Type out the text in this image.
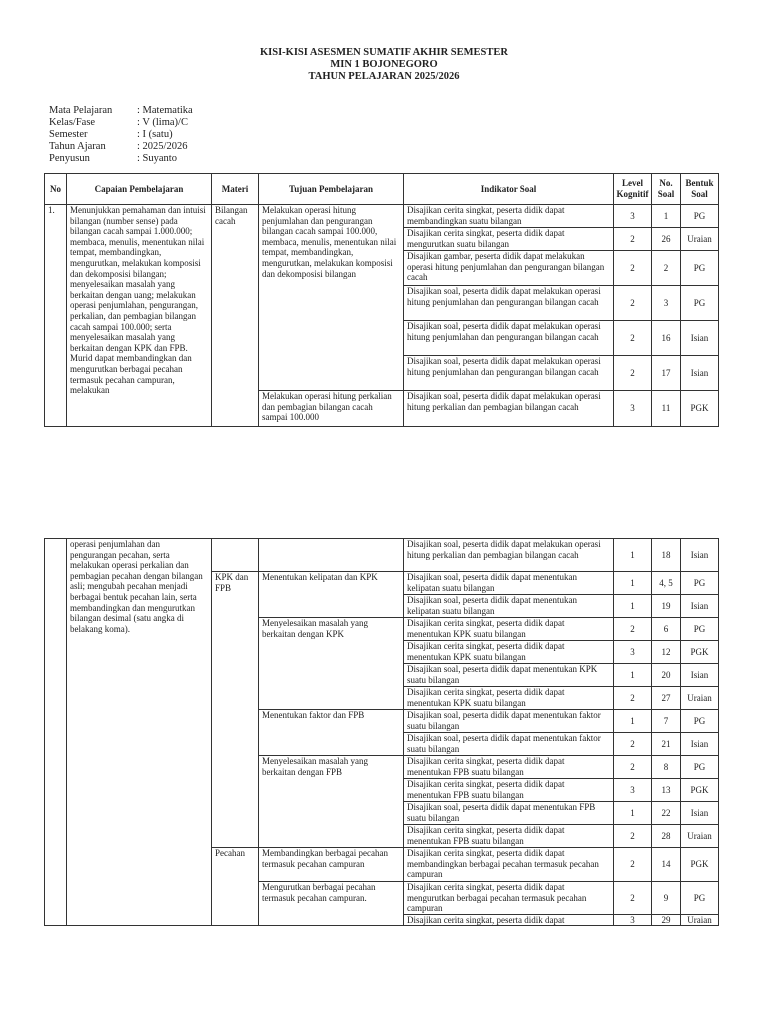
KISI-KISI ASESMEN SUMATIF AKHIR SEMESTER
MIN 1 BOJONEGORO
TAHUN PELAJARAN 2025/2026
Mata Pelajaran	: Matematika
Kelas/Fase	: V (lima)/C
Semester	: I (satu)
Tahun Ajaran	: 2025/2026
Penyusun	: Suyanto
No	Capaian Pembelajaran	Materi	Tujuan Pembelajaran	Indikator Soal	Level Kognitif	No. Soal	Bentuk Soal
1.	Menunjukkan pemahaman dan intuisi bilangan (number sense) pada bilangan cacah sampai 1.000.000; membaca, menulis, menentukan nilai tempat, membandingkan, mengurutkan, melakukan komposisi dan dekomposisi bilangan; menyelesaikan masalah yang berkaitan dengan uang; melakukan operasi penjumlahan, pengurangan, perkalian, dan pembagian bilangan cacah sampai 100.000; serta menyelesaikan masalah yang berkaitan dengan KPK dan FPB. Murid dapat membandingkan dan mengurutkan berbagai pecahan termasuk pecahan campuran, melakukan	Bilangan cacah	Melakukan operasi hitung penjumlahan dan pengurangan bilangan cacah sampai 100.000, membaca, menulis, menentukan nilai tempat, membandingkan, mengurutkan, melakukan komposisi dan dekomposisi bilangan	Disajikan cerita singkat, peserta didik dapat membandingkan suatu bilangan	3	1	PG
				Disajikan cerita singkat, peserta didik dapat mengurutkan suatu bilangan	2	26	Uraian
				Disajikan gambar, peserta didik dapat melakukan operasi hitung penjumlahan dan pengurangan bilangan cacah	2	2	PG
				Disajikan soal, peserta didik dapat melakukan operasi hitung penjumlahan dan pengurangan bilangan cacah	2	3	PG
				Disajikan soal, peserta didik dapat melakukan operasi hitung penjumlahan dan pengurangan bilangan cacah	2	16	Isian
				Disajikan soal, peserta didik dapat melakukan operasi hitung penjumlahan dan pengurangan bilangan cacah	2	17	Isian
			Melakukan operasi hitung perkalian dan pembagian bilangan cacah sampai 100.000	Disajikan soal, peserta didik dapat melakukan operasi hitung perkalian dan pembagian bilangan cacah	3	11	PGK
	operasi penjumlahan dan pengurangan pecahan, serta melakukan operasi perkalian dan pembagian pecahan dengan bilangan asli; mengubah pecahan menjadi berbagai bentuk pecahan lain, serta membandingkan dan mengurutkan bilangan desimal (satu angka di belakang koma).			Disajikan soal, peserta didik dapat melakukan operasi hitung perkalian dan pembagian bilangan cacah	1	18	Isian
		KPK dan FPB	Menentukan kelipatan dan KPK	Disajikan soal, peserta didik dapat menentukan kelipatan suatu bilangan	1	4, 5	PG
				Disajikan soal, peserta didik dapat menentukan kelipatan suatu bilangan	1	19	Isian
			Menyelesaikan masalah yang berkaitan dengan KPK	Disajikan cerita singkat, peserta didik dapat menentukan KPK suatu bilangan	2	6	PG
				Disajikan cerita singkat, peserta didik dapat menentukan KPK suatu bilangan	3	12	PGK
				Disajikan soal, peserta didik dapat menentukan KPK suatu bilangan	1	20	Isian
				Disajikan cerita singkat, peserta didik dapat menentukan KPK suatu bilangan	2	27	Uraian
			Menentukan faktor dan FPB	Disajikan soal, peserta didik dapat menentukan faktor suatu bilangan	1	7	PG
				Disajikan soal, peserta didik dapat menentukan faktor suatu bilangan	2	21	Isian
			Menyelesaikan masalah yang berkaitan dengan FPB	Disajikan cerita singkat, peserta didik dapat menentukan FPB suatu bilangan	2	8	PG
				Disajikan cerita singkat, peserta didik dapat menentukan FPB suatu bilangan	3	13	PGK
				Disajikan soal, peserta didik dapat menentukan FPB suatu bilangan	1	22	Isian
				Disajikan cerita singkat, peserta didik dapat menentukan FPB suatu bilangan	2	28	Uraian
		Pecahan	Membandingkan berbagai pecahan termasuk pecahan campuran	Disajikan cerita singkat, peserta didik dapat membandingkan berbagai pecahan termasuk pecahan campuran	2	14	PGK
			Mengurutkan berbagai pecahan termasuk pecahan campuran.	Disajikan cerita singkat, peserta didik dapat mengurutkan berbagai pecahan termasuk pecahan campuran	2	9	PG
				Disajikan cerita singkat, peserta didik dapat	3	29	Uraian
